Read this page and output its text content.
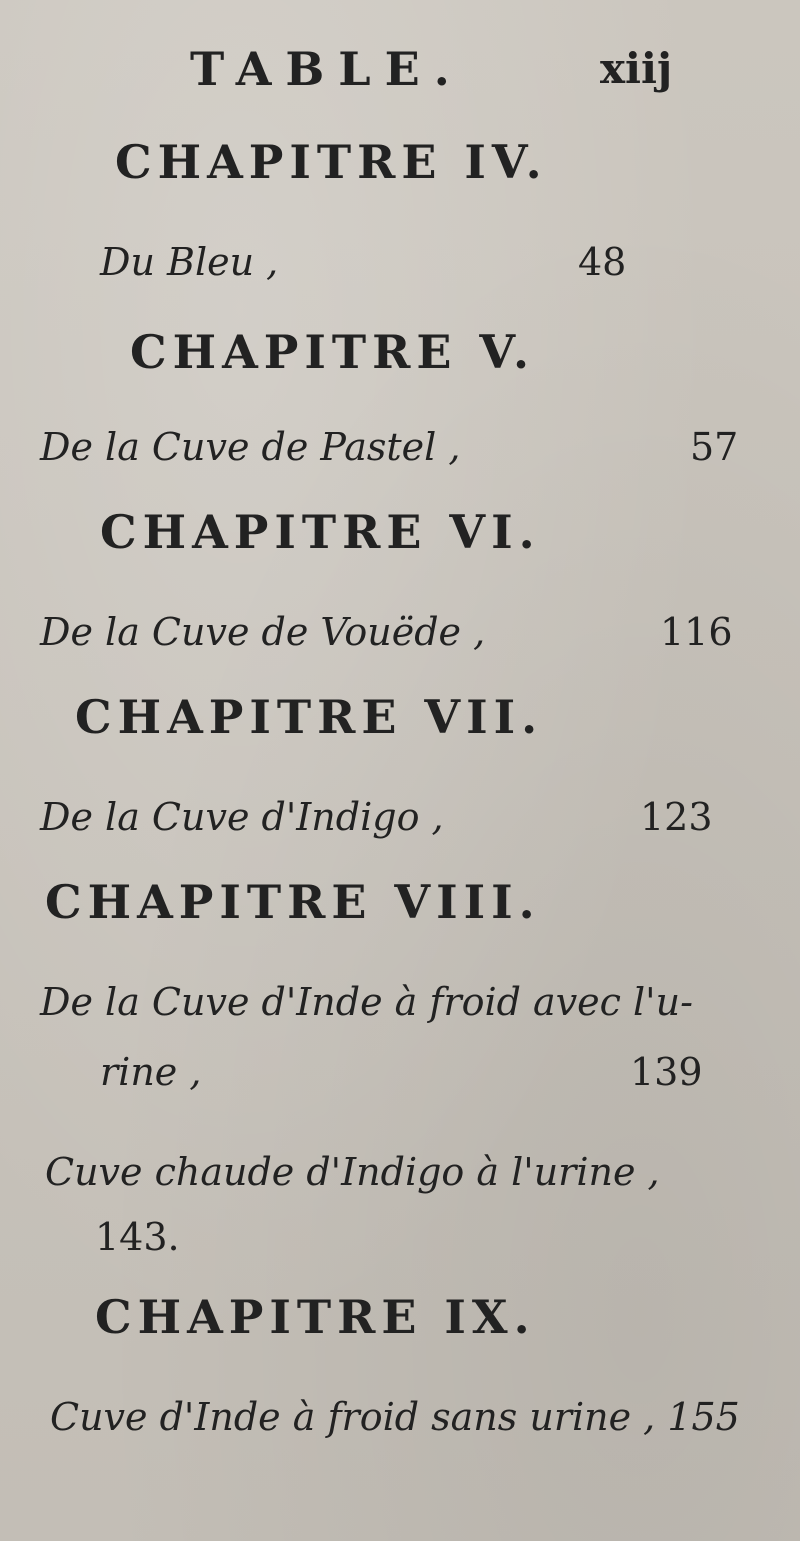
TABLE.	xiij
CHAPITRE IV.
Du Bleu ,	48
CHAPITRE V.
De la Cuve de Pastel ,	57
CHAPITRE VI.
De la Cuve de Vouëde ,	116
CHAPITRE VII.
De la Cuve d'Indigo ,	123
CHAPITRE VIII.
De la Cuve d'Inde à froid avec l'u-
rine ,	139
Cuve chaude d'Indigo à l'urine ,
143.
CHAPITRE IX.
Cuve d'Inde à froid sans urine , 155
